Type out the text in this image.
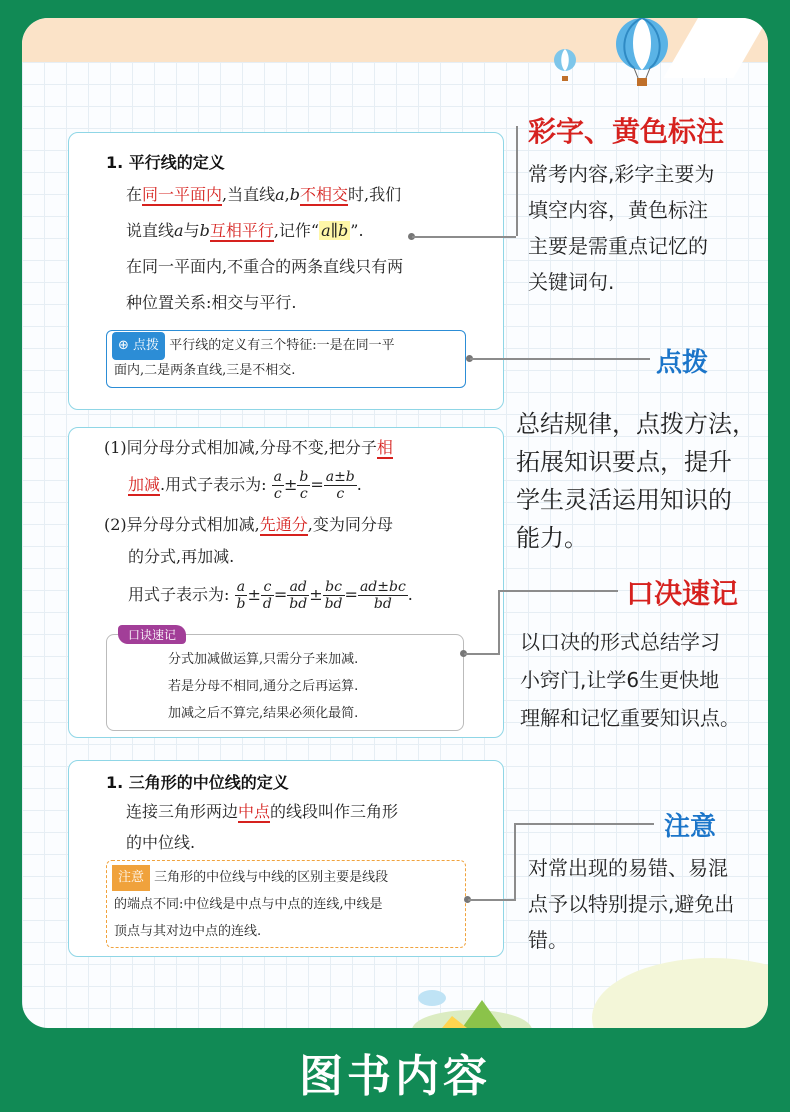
1. 平行线的定义
在同一平面内,当直线a,b不相交时,我们
说直线a与b互相平行,记作“ a∥b ”.
在同一平面内,不重合的两条直线只有两
种位置关系:相交与平行.
⊕ 点拨 平行线的定义有三个特征:一是在同一平
面内,二是两条直线,三是不相交.
(1)同分母分式相加减,分母不变,把分子相
加减.用式子表示为: $\frac{a}{c} \pm \frac{b}{c} = \frac{a\pm b}{c}$ .
(2)异分母分式相加减,先通分,变为同分母
的分式,再加减.
用式子表示为: $\frac{a}{b} \pm \frac{c}{d} = \frac{ad}{bd} \pm \frac{bc}{bd} = \frac{ad\pm bc}{bd}$ .
口诀速记
分式加减做运算,只需分子来加减.
若是分母不相同,通分之后再运算.
加减之后不算完,结果必须化最简.
1. 三角形的中位线的定义
连接三角形两边中点的线段叫作三角形
的中位线.
注意 三角形的中位线与中线的区别主要是线段
的端点不同:中位线是中点与中点的连线,中线是
顶点与其对边中点的连线.
彩字、黄色标注
常考内容,彩字主要为
填空内容，黄色标注
主要是需重点记忆的
关键词句.
点拨
总结规律，点拨方法，
拓展知识要点，提升
学生灵活运用知识的
能力。
口决速记
以口决的形式总结学习
小窍门,让学6生更快地
理解和记忆重要知识点。
注意
对常出现的易错、易混
点予以特别提示,避免出
错。
图书内容
